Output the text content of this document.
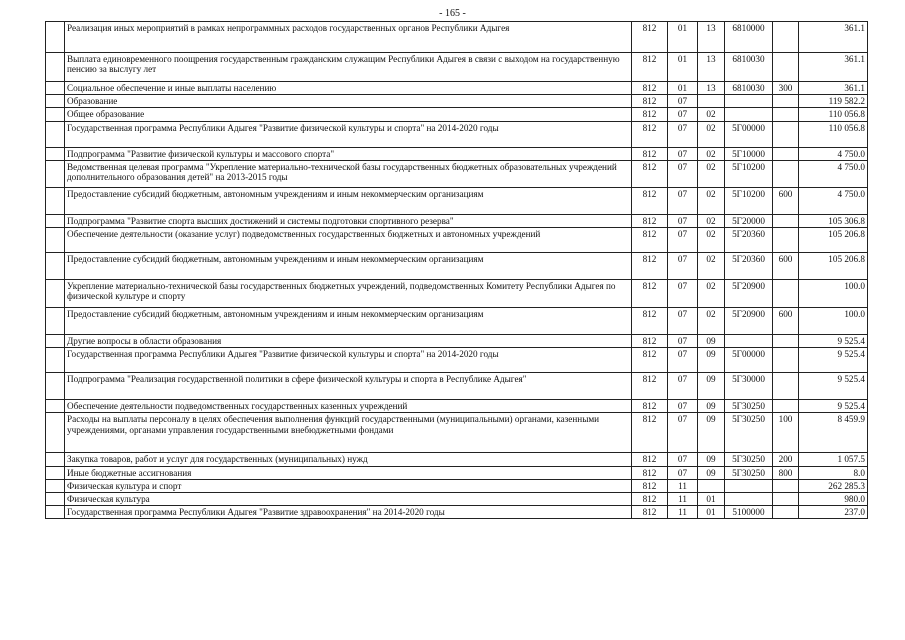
- 165 -
	Реализация иных мероприятий в рамках непрограммных расходов государственных органов Республики Адыгея	812	01	13	6810000		361.1
	Выплата единовременного поощрения государственным гражданским служащим Республики Адыгея в связи с выходом на государственную пенсию за выслугу лет	812	01	13	6810030		361.1
	Социальное обеспечение и иные выплаты населению	812	01	13	6810030	300	361.1
	Образование	812	07				119 582.2
	Общее образование	812	07	02			110 056.8
	Государственная программа Республики Адыгея "Развитие физической культуры и спорта" на 2014-2020 годы	812	07	02	5Г00000		110 056.8
	Подпрограмма "Развитие физической культуры и массового спорта"	812	07	02	5Г10000		4 750.0
	Ведомственная целевая программа "Укрепление материально-технической базы государственных бюджетных образовательных учреждений дополнительного образования детей" на 2013-2015 годы	812	07	02	5Г10200		4 750.0
	Предоставление субсидий бюджетным, автономным учреждениям и иным некоммерческим организациям	812	07	02	5Г10200	600	4 750.0
	Подпрограмма "Развитие спорта высших достижений и системы подготовки спортивного резерва"	812	07	02	5Г20000		105 306.8
	Обеспечение деятельности (оказание услуг) подведомственных государственных бюджетных и автономных учреждений	812	07	02	5Г20360		105 206.8
	Предоставление субсидий бюджетным, автономным учреждениям и иным некоммерческим организациям	812	07	02	5Г20360	600	105 206.8
	Укрепление материально-технической базы государственных бюджетных учреждений, подведомственных Комитету Республики Адыгея по физической культуре и спорту	812	07	02	5Г20900		100.0
	Предоставление субсидий бюджетным, автономным учреждениям и иным некоммерческим организациям	812	07	02	5Г20900	600	100.0
	Другие вопросы в области образования	812	07	09			9 525.4
	Государственная программа Республики Адыгея "Развитие физической культуры и спорта" на 2014-2020 годы	812	07	09	5Г00000		9 525.4
	Подпрограмма "Реализация государственной политики в сфере физической культуры и спорта в Республике Адыгея"	812	07	09	5Г30000		9 525.4
	Обеспечение деятельности подведомственных государственных казенных учреждений	812	07	09	5Г30250		9 525.4
	Расходы на выплаты персоналу в целях обеспечения выполнения функций государственными (муниципальными) органами, казенными учреждениями, органами управления государственными внебюджетными фондами	812	07	09	5Г30250	100	8 459.9
	Закупка товаров, работ и услуг для государственных (муниципальных) нужд	812	07	09	5Г30250	200	1 057.5
	Иные бюджетные ассигнования	812	07	09	5Г30250	800	8.0
	Физическая культура и спорт	812	11				262 285.3
	Физическая культура	812	11	01			980.0
	Государственная программа Республики Адыгея "Развитие здравоохранения" на 2014-2020 годы	812	11	01	5100000		237.0
